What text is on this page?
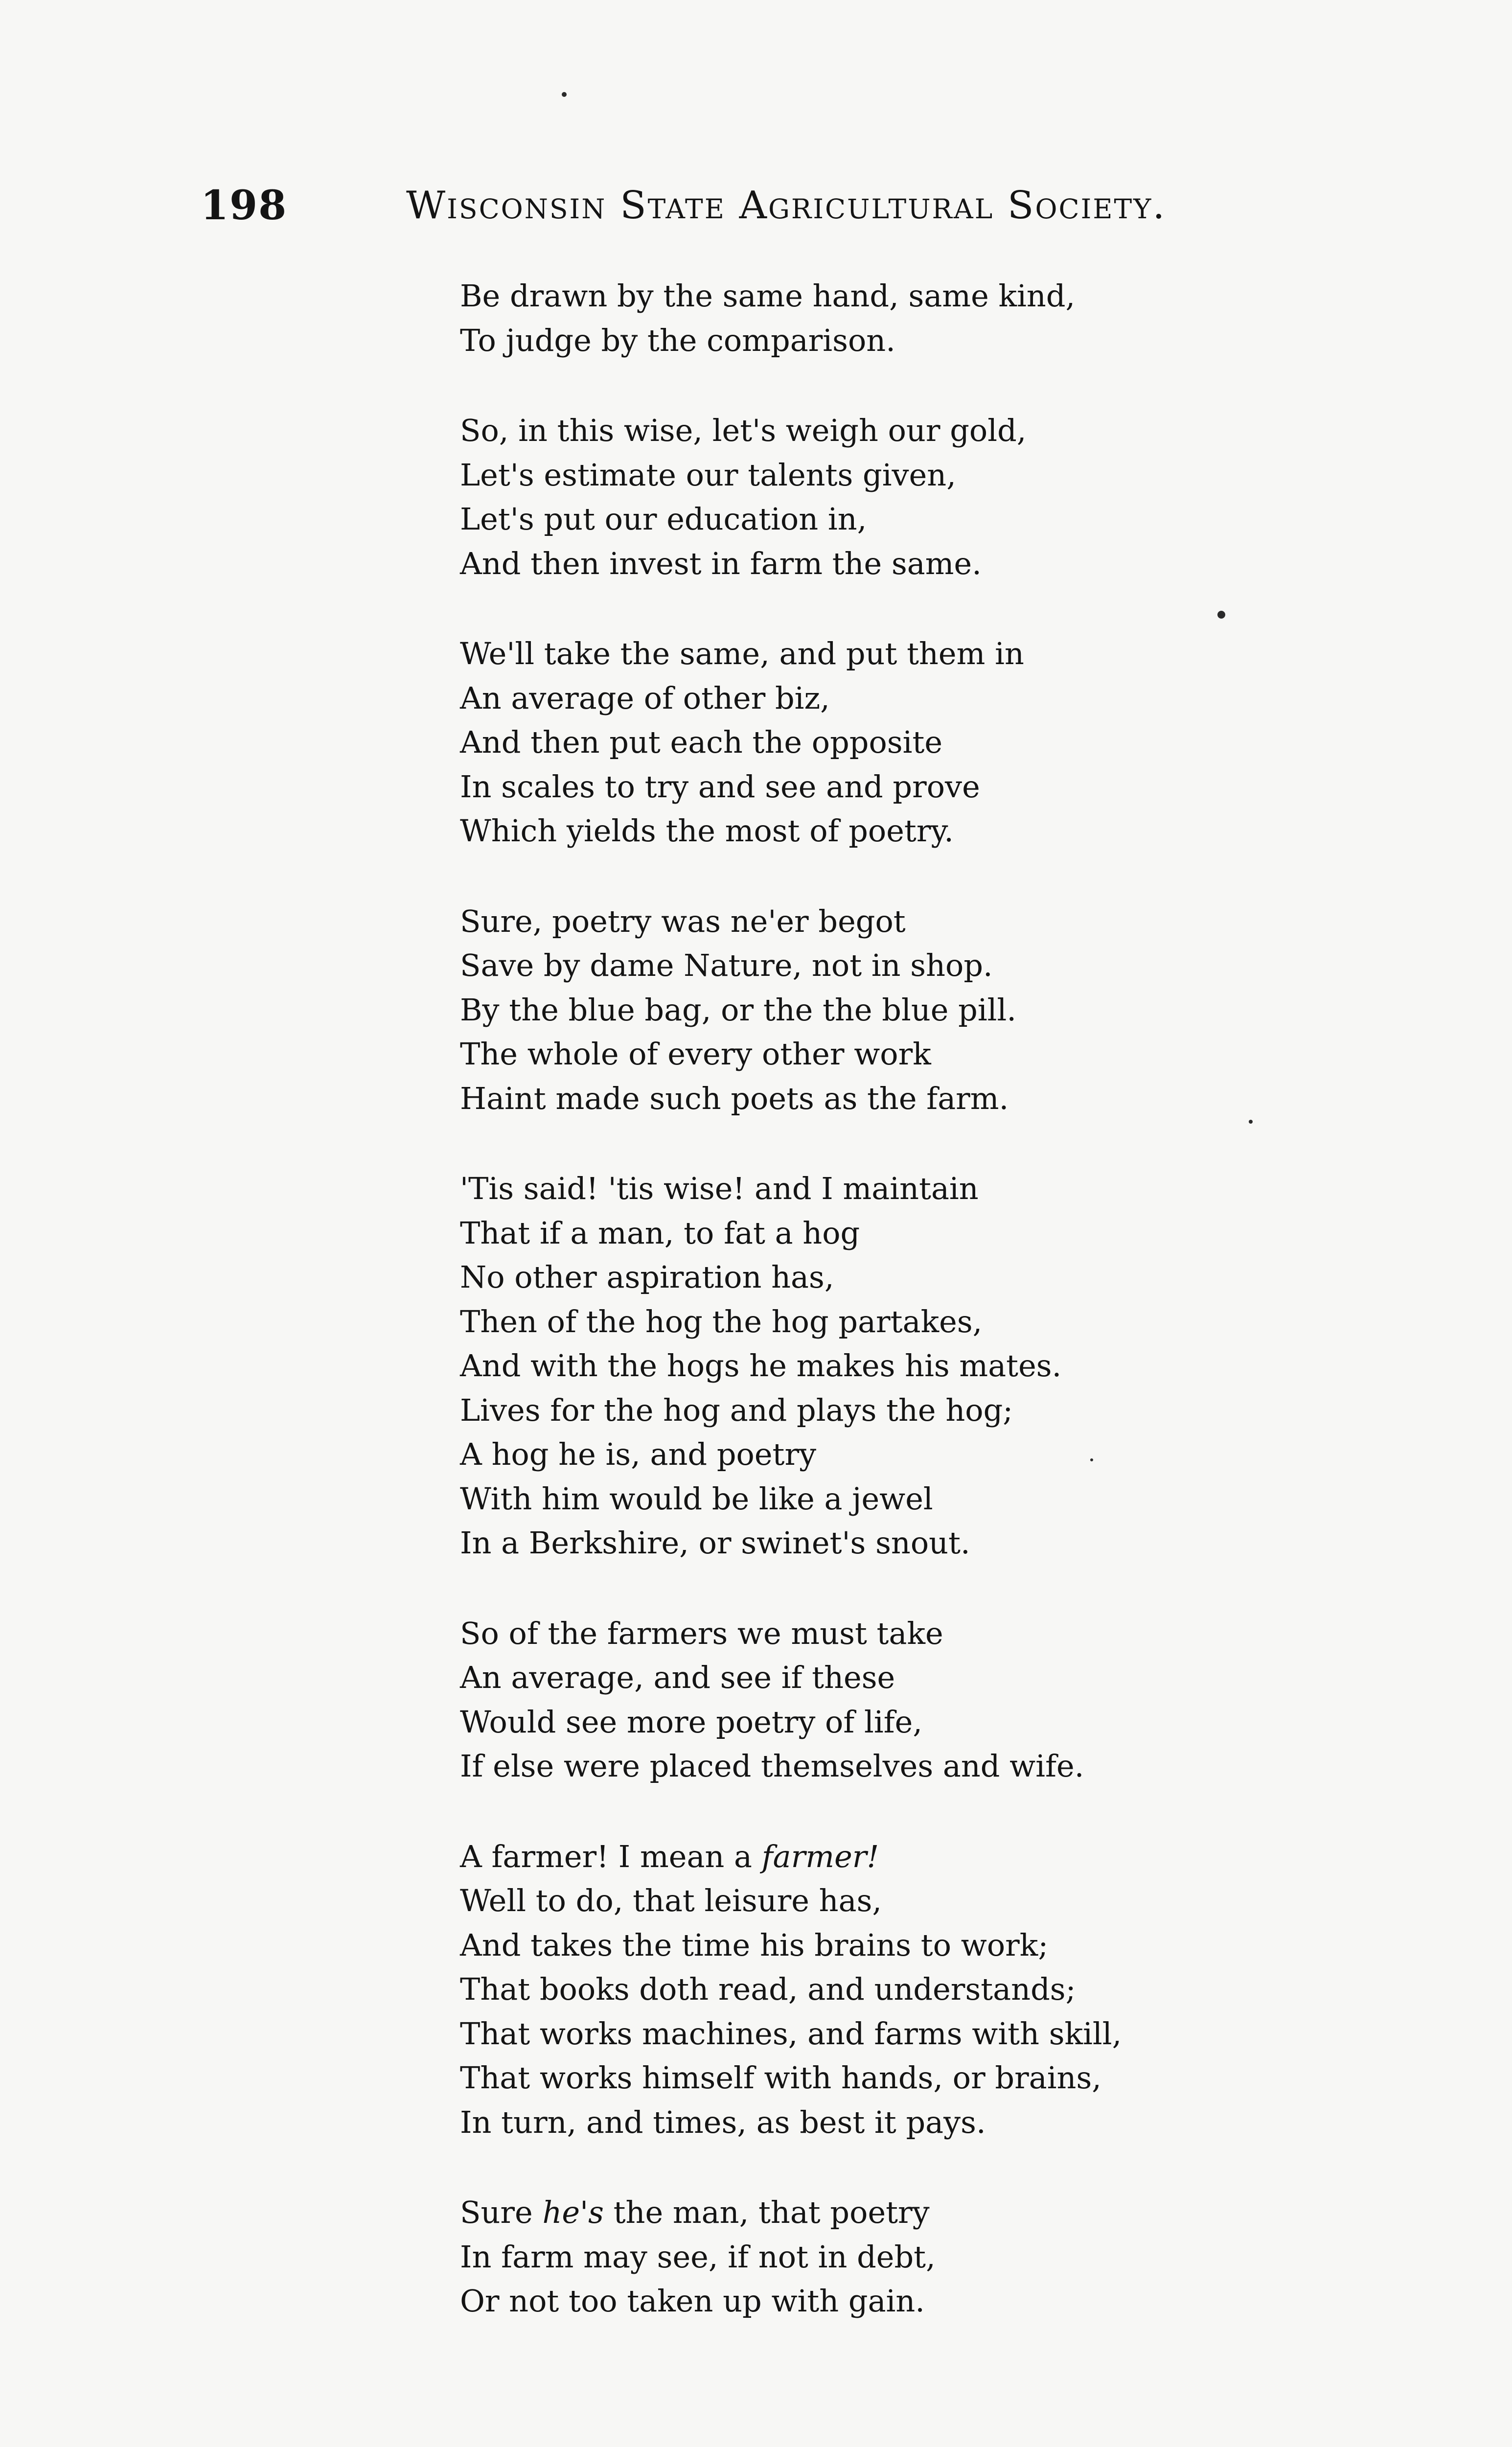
198	Wisconsin State Agricultural Society.
Be drawn by the same hand, same kind,
To judge by the comparison.
So, in this wise, let's weigh our gold,
Let's estimate our talents given,
Let's put our education in,
And then invest in farm the same.
We'll take the same, and put them in
An average of other biz,
And then put each the opposite
In scales to try and see and prove
Which yields the most of poetry.
Sure, poetry was ne'er begot
Save by dame Nature, not in shop.
By the blue bag, or the the blue pill.
The whole of every other work
Haint made such poets as the farm.
'Tis said! 'tis wise! and I maintain
That if a man, to fat a hog
No other aspiration has,
Then of the hog the hog partakes,
And with the hogs he makes his mates.
Lives for the hog and plays the hog;
A hog he is, and poetry
With him would be like a jewel
In a Berkshire, or swinet's snout.
So of the farmers we must take
An average, and see if these
Would see more poetry of life,
If else were placed themselves and wife.
A farmer! I mean a farmer!
Well to do, that leisure has,
And takes the time his brains to work;
That books doth read, and understands;
That works machines, and farms with skill,
That works himself with hands, or brains,
In turn, and times, as best it pays.
Sure he's the man, that poetry
In farm may see, if not in debt,
Or not too taken up with gain.
